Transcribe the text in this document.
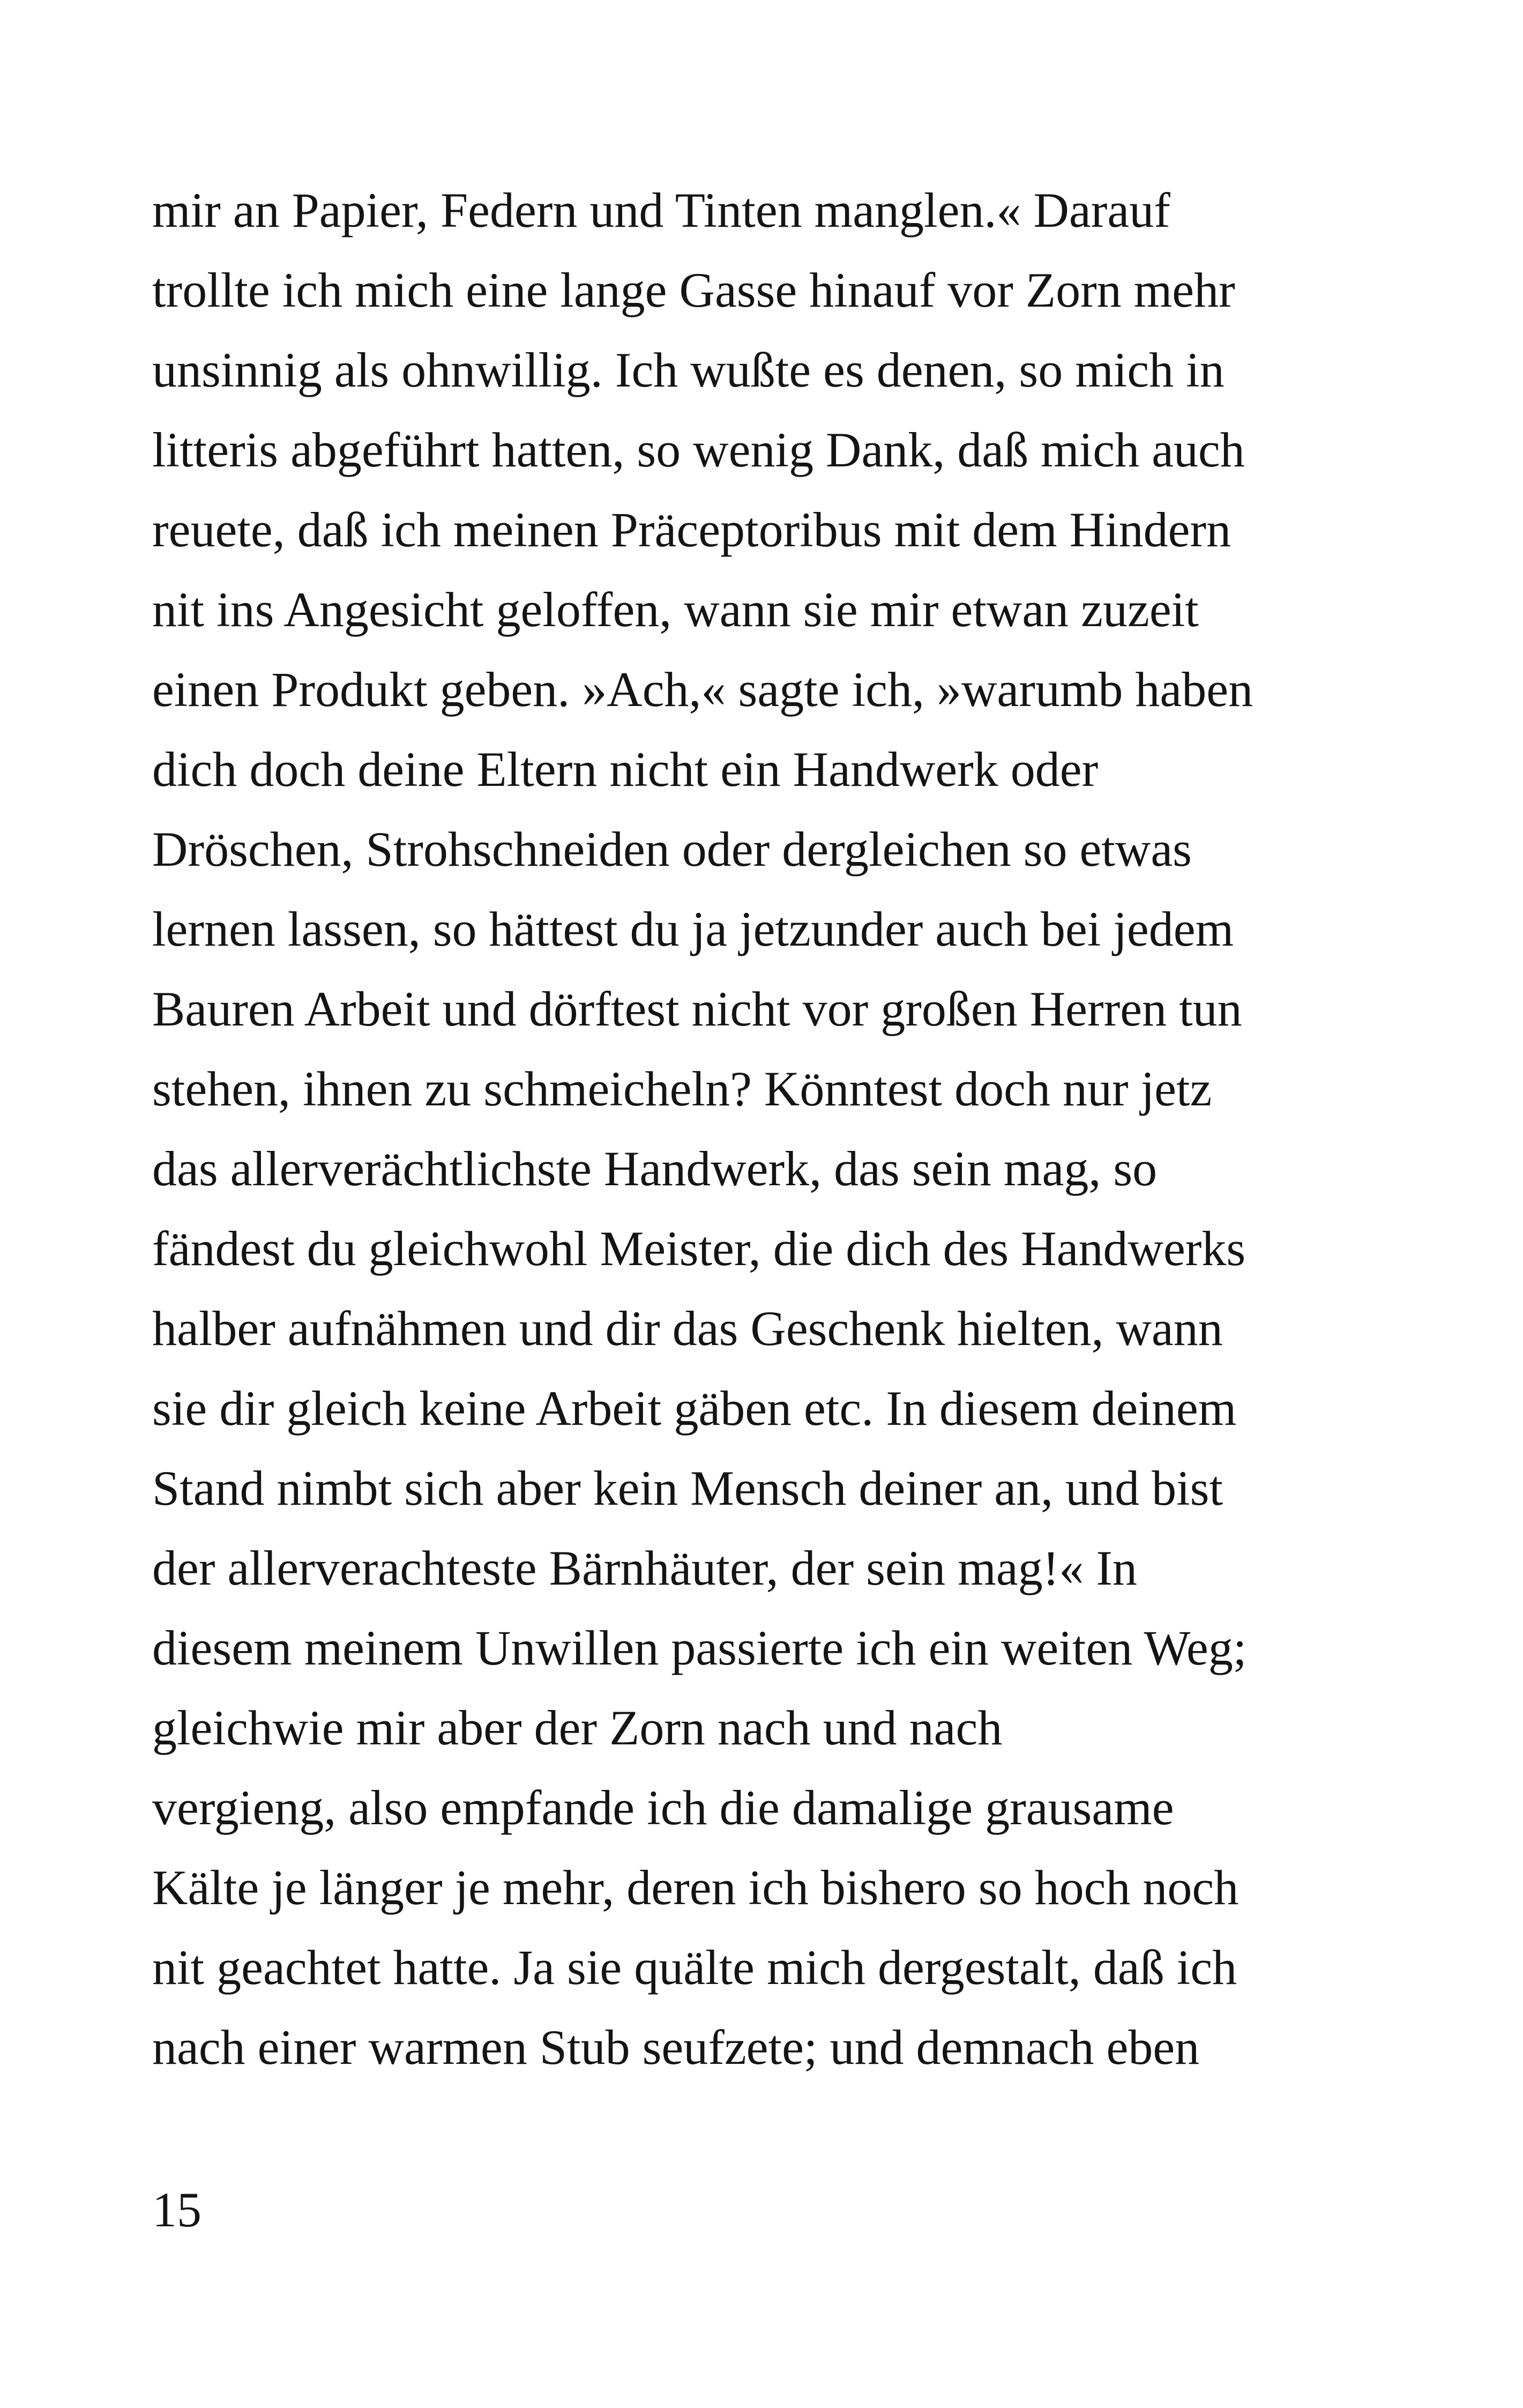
mir an Papier, Federn und Tinten manglen.« Darauf
trollte ich mich eine lange Gasse hinauf vor Zorn mehr
unsinnig als ohnwillig. Ich wußte es denen, so mich in
litteris abgeführt hatten, so wenig Dank, daß mich auch
reuete, daß ich meinen Präceptoribus mit dem Hindern
nit ins Angesicht geloffen, wann sie mir etwan zuzeit
einen Produkt geben. »Ach,« sagte ich, »warumb haben
dich doch deine Eltern nicht ein Handwerk oder
Dröschen, Strohschneiden oder dergleichen so etwas
lernen lassen, so hättest du ja jetzunder auch bei jedem
Bauren Arbeit und dörftest nicht vor großen Herren tun
stehen, ihnen zu schmeicheln? Könntest doch nur jetz
das allerverächtlichste Handwerk, das sein mag, so
fändest du gleichwohl Meister, die dich des Handwerks
halber aufnähmen und dir das Geschenk hielten, wann
sie dir gleich keine Arbeit gäben etc. In diesem deinem
Stand nimbt sich aber kein Mensch deiner an, und bist
der allerverachteste Bärnhäuter, der sein mag!« In
diesem meinem Unwillen passierte ich ein weiten Weg;
gleichwie mir aber der Zorn nach und nach
vergieng, also empfande ich die damalige grausame
Kälte je länger je mehr, deren ich bishero so hoch noch
nit geachtet hatte. Ja sie quälte mich dergestalt, daß ich
nach einer warmen Stub seufzete; und demnach eben
15
